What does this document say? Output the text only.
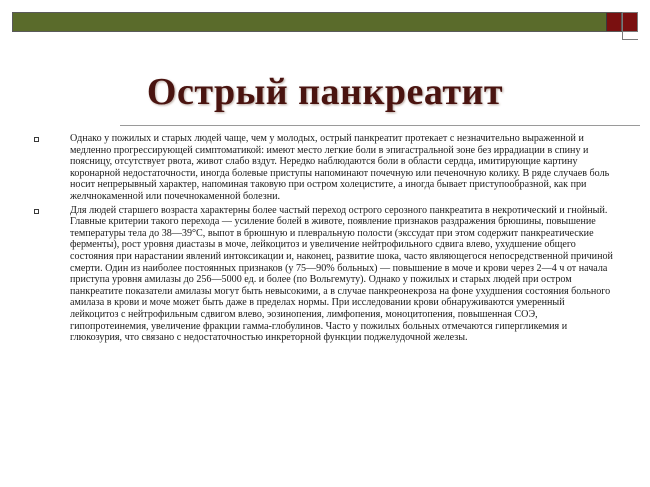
Острый панкреатит
Однако у пожилых и старых людей чаще, чем у молодых, острый панкреатит протекает с незначительно выраженной и медленно прогрессирующей симптоматикой: имеют место легкие боли в эпигастральной зоне без иррадиации в спину и поясницу, отсутствует рвота, живот слабо вздут. Нередко наблюдаются боли в области сердца, имитирующие картину коронарной недостаточности, иногда болевые приступы напоминают почечную или печеночную колику. В ряде случаев боль носит непрерывный характер, напоминая таковую при остром холецистите, а иногда бывает приступообразной, как при желчнокаменной или почечнокаменной болезни.
Для людей старшего возраста характерны более частый переход острого серозного панкреатита в некротический и гнойный. Главные критерии такого перехода — усиление болей в животе, появление признаков раздражения брюшины, повышение температуры тела до 38—39°С, выпот в брюшную и плевральную полости (экссудат при этом содержит панкреатические ферменты), рост уровня диастазы в моче, лейкоцитоз и увеличение нейтрофильного сдвига влево, ухудшение общего состояния при нарастании явлений интоксикации и, наконец, развитие шока, часто являющегося непосредственной причиной смерти. Один из наиболее постоянных признаков (у 75—90% больных) — повышение в моче и крови через 2—4 ч от начала приступа уровня амилазы до 256—5000 ед. и более (по Вольгемуту). Однако у пожилых и старых людей при остром панкреатите показатели амилазы могут быть невысокими, а в случае панкреонекроза на фоне ухудшения состояния больного амилаза в крови и моче может быть даже в пределах нормы. При исследовании крови обнаруживаются умеренный лейкоцитоз с нейтрофильным сдвигом влево, эозинопения, лимфопения, моноцитопения, повышенная СОЭ, гипопротеинемия, увеличение фракции гамма-глобулинов. Часто у пожилых больных отмечаются гипергликемия и глюкозурия, что связано с недостаточностью инкреторной функции поджелудочной железы.
